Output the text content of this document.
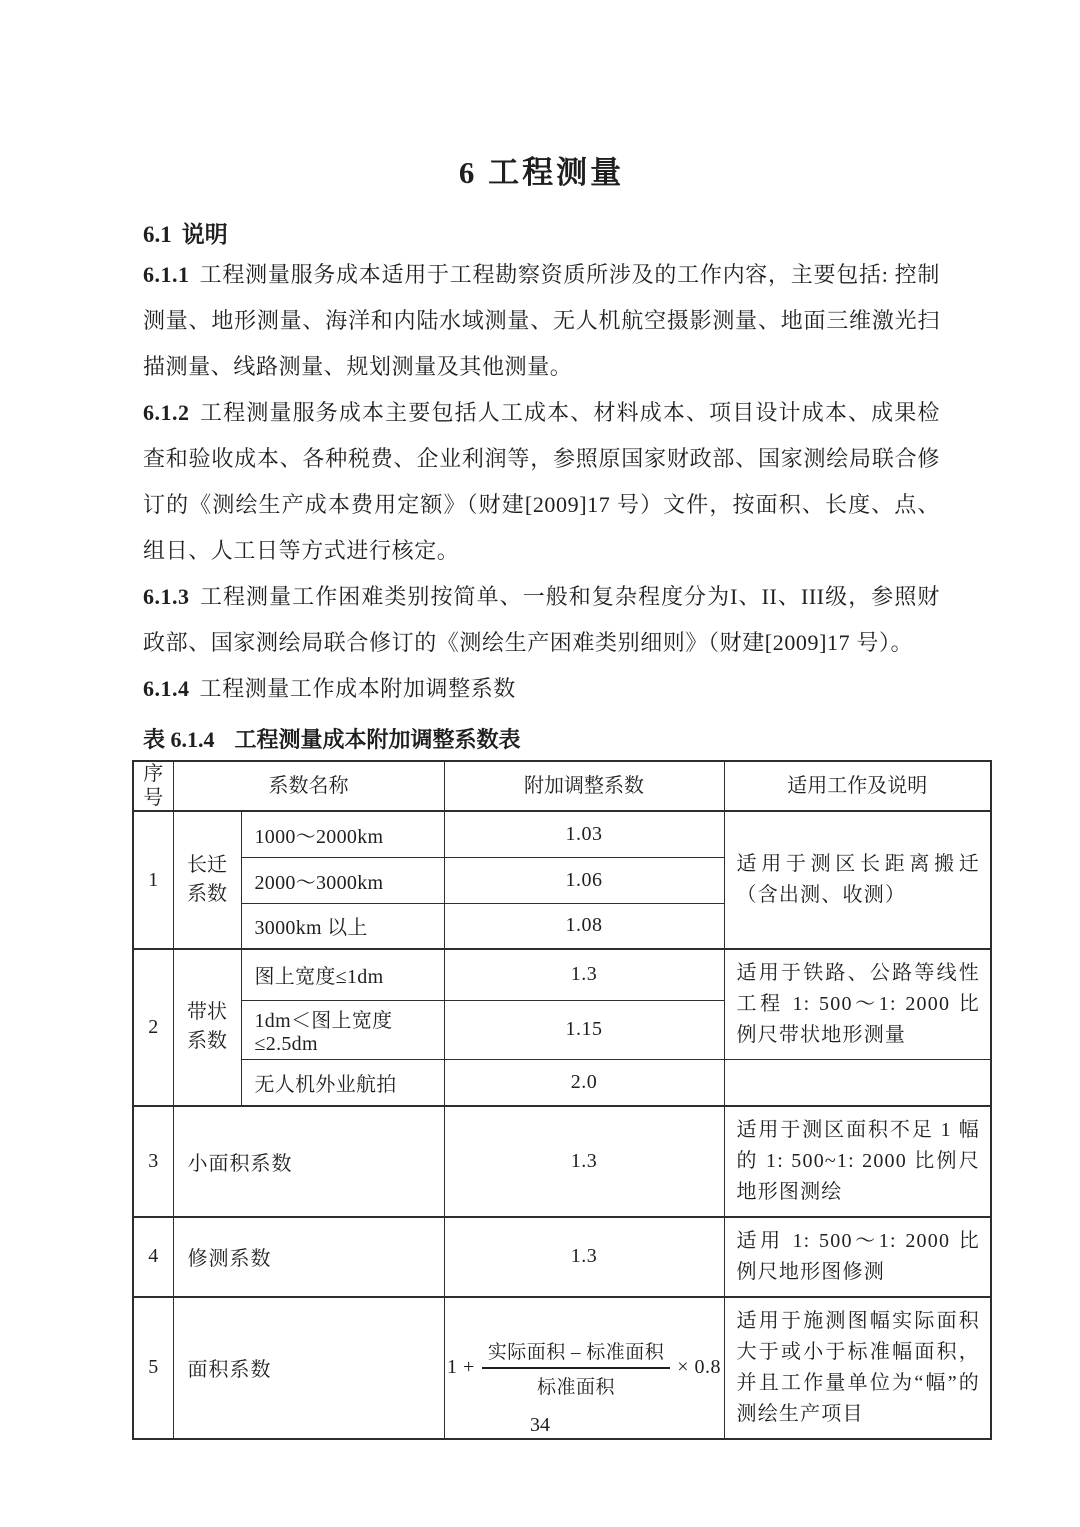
6 工程测量
6.1 说明

6.1.1 工程测量服务成本适用于工程勘察资质所涉及的工作内容，主要包括: 控制测量、地形测量、海洋和内陆水域测量、无人机航空摄影测量、地面三维激光扫描测量、线路测量、规划测量及其他测量。

6.1.2 工程测量服务成本主要包括人工成本、材料成本、项目设计成本、成果检查和验收成本、各种税费、企业利润等，参照原国家财政部、国家测绘局联合修订的《测绘生产成本费用定额》（财建[2009]17 号）文件，按面积、长度、点、组日、人工日等方式进行核定。

6.1.3 工程测量工作困难类别按简单、一般和复杂程度分为I、II、III级，参照财政部、国家测绘局联合修订的《测绘生产困难类别细则》（财建[2009]17 号）。

6.1.4 工程测量工作成本附加调整系数

表 6.1.4 工程测量成本附加调整系数表

序号	系数名称		附加调整系数	适用工作及说明
1	长迁系数	1000～2000km	1.03	适用于测区长距离搬迁（含出测、收测）
		2000～3000km	1.06	
		3000km 以上	1.08	
2	带状系数	图上宽度≤1dm	1.3	适用于铁路、公路等线性工程 1: 500～1: 2000 比例尺带状地形测量
		1dm＜图上宽度≤2.5dm	1.15	
		无人机外业航拍	2.0	
3	小面积系数		1.3	适用于测区面积不足 1 幅的 1: 500~1: 2000 比例尺地形图测绘
4	修测系数		1.3	适用 1: 500～1: 2000 比例尺地形图修测
5	面积系数		$1 + \frac{\text{实际面积 – 标准面积}}{\text{标准面积}} \times 0.8$	适用于施测图幅实际面积大于或小于标准幅面积，并且工作量单位为“幅”的测绘生产项目
34
